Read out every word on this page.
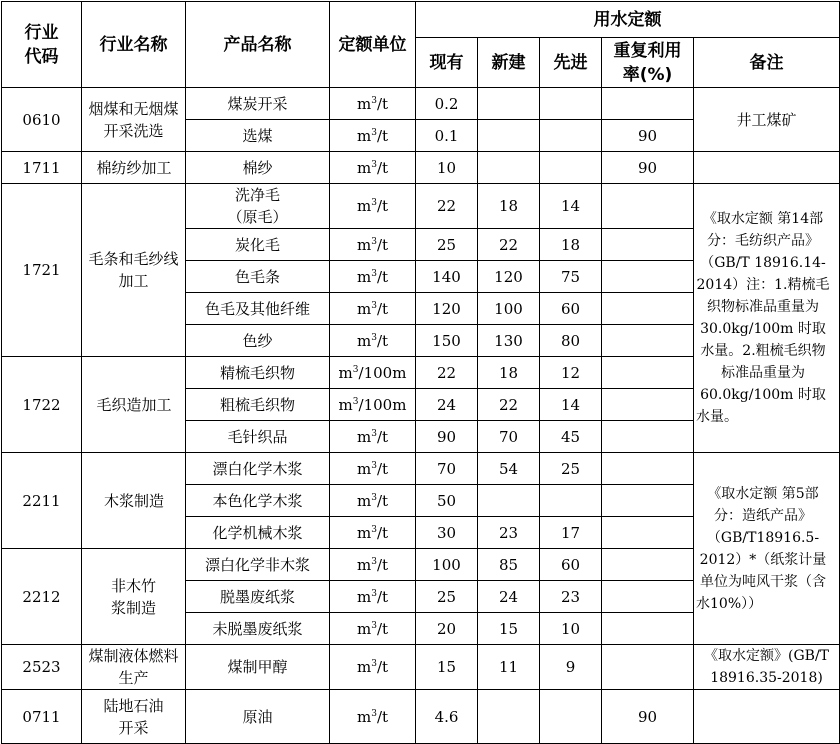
行业代码	行业名称	产品名称	定额单位	用水定额				
				现有	新建	先进	重复利用率(%)	备注
0610	烟煤和无烟煤开采洗选	煤炭开采	$m^3/t$	0.2				井工煤矿
		选煤	$m^3/t$	0.1			90	
1711	棉纺纱加工	棉纱	$m^3/t$	10			90	
1721	毛条和毛纱线加工	洗净毛（原毛）	$m^3/t$	22	18	14		《取水定额 第14部分：毛纺织产品》（GB/T 18916.14-2014）注：1.精梳毛织物标准品重量为30.0kg/100m 时取水量。2.粗梳毛织物标准品重量为60.0kg/100m 时取水量。
		炭化毛	$m^3/t$	25	22	18		
		色毛条	$m^3/t$	140	120	75		
		色毛及其他纤维	$m^3/t$	120	100	60		
		色纱	$m^3/t$	150	130	80		
1722	毛织造加工	精梳毛织物	$m^3/100m$	22	18	12		
		粗梳毛织物	$m^3/100m$	24	22	14		
		毛针织品	$m^3/t$	90	70	45		
2211	木浆制造	漂白化学木浆	$m^3/t$	70	54	25		《取水定额 第5部分：造纸产品》（GB/T18916.5-2012）*（纸浆计量单位为吨风干浆（含水10%））
		本色化学木浆	$m^3/t$	50				
		化学机械木浆	$m^3/t$	30	23	17		
2212	非木竹浆制造	漂白化学非木浆	$m^3/t$	100	85	60		
		脱墨废纸浆	$m^3/t$	25	24	23		
		未脱墨废纸浆	$m^3/t$	20	15	10		
2523	煤制液体燃料生产	煤制甲醇	$m^3/t$	15	11	9		《取水定额》(GB/T 18916.35-2018)
0711	陆地石油开采	原油	$m^3/t$	4.6			90	
